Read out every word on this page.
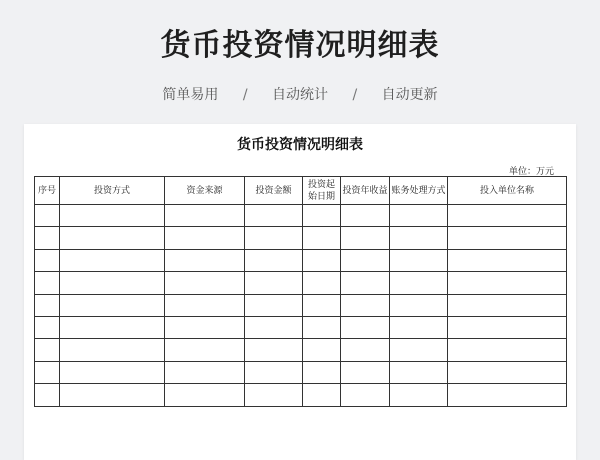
货币投资情况明细表
简单易用 / 自动统计 / 自动更新
货币投资情况明细表
单位：万元
序号	投资方式	资金来源	投资金额	投资起始日期	投资年收益	账务处理方式	投入单位名称
